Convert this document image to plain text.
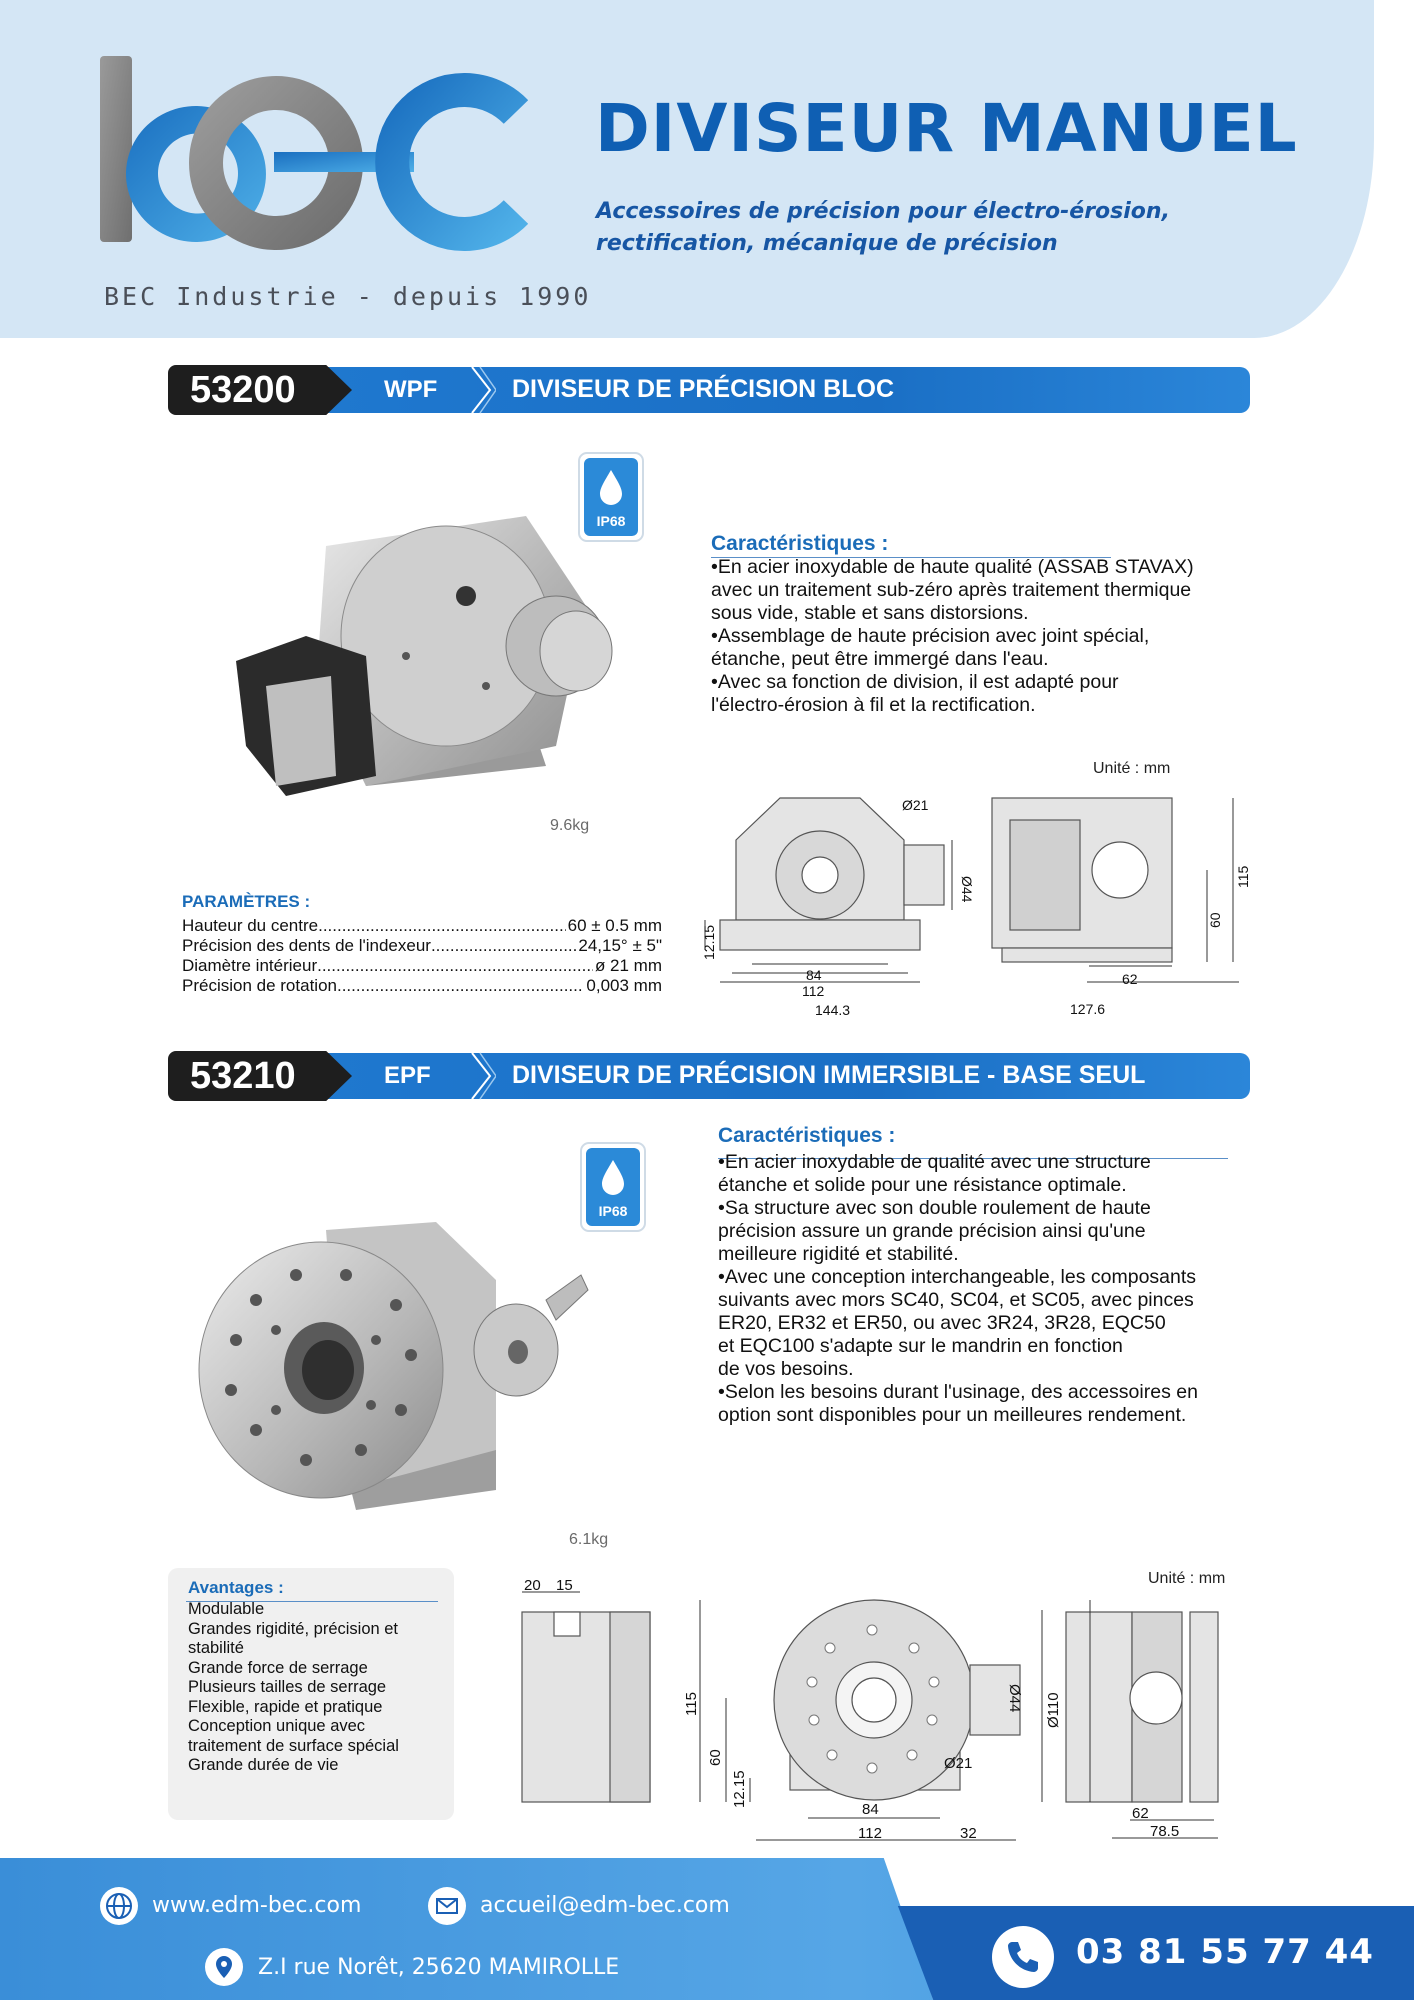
BEC Industrie - depuis 1990
DIVISEUR MANUEL
Accessoires de précision pour électro-érosion,
rectification, mécanique de précision
53200	WPF	DIVISEUR DE PRÉCISION BLOC
IP68
9.6kg
Caractéristiques :
•En acier inoxydable de haute qualité (ASSAB STAVAX)
avec un traitement sub-zéro après traitement thermique
sous vide, stable et sans distorsions.
•Assemblage de haute précision avec joint spécial,
étanche, peut être immergé dans l'eau.
•Avec sa fonction de division, il est adapté pour
l'électro-érosion à fil et la rectification.
Unité : mm
PARAMÈTRES :
Hauteur du centre .....	60 ± 0.5 mm
Précision des dents de l'indexeur .....	24,15° ± 5"
Diamètre intérieur .....	ø 21 mm
Précision de rotation .....	0,003 mm
Ø21
Ø44
12.15
84
112
144.3
60
115
62
127.6
53210	EPF	DIVISEUR DE PRÉCISION IMMERSIBLE - BASE SEUL
IP68
6.1kg
Caractéristiques :
•En acier inoxydable de qualité avec une structure
étanche et solide pour une résistance optimale.
•Sa structure avec son double roulement de haute
précision assure un grande précision ainsi qu'une
meilleure rigidité et stabilité.
•Avec une conception interchangeable, les composants
suivants avec mors SC40, SC04, et SC05, avec pinces
ER20, ER32 et ER50, ou avec 3R24, 3R28, EQC50
et EQC100 s'adapte sur le mandrin en fonction
de vos besoins.
•Selon les besoins durant l'usinage, des accessoires en
option sont disponibles pour un meilleures rendement.
Avantages :
Modulable
Grandes rigidité, précision et
stabilité
Grande force de serrage
Plusieurs tailles de serrage
Flexible, rapide et pratique
Conception unique avec
traitement de surface spécial
Grande durée de vie
Unité : mm
20 15
115
60
12.15
Ø21
Ø44 Ø110
84
112	32
62
78.5
www.edm-bec.com	accueil@edm-bec.com
Z.I rue Norêt, 25620 MAMIROLLE	03 81 55 77 44
